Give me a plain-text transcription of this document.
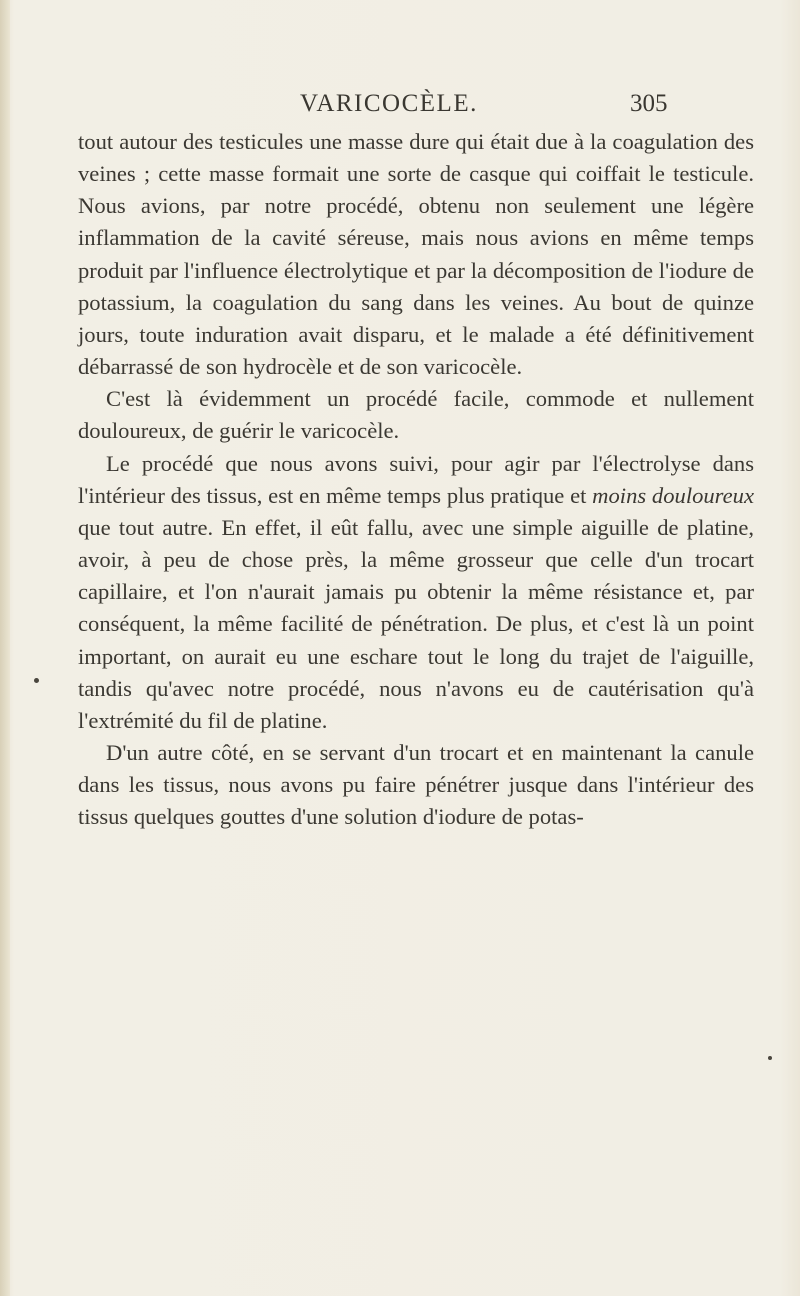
VARICOCÈLE.	305

tout autour des testicules une masse dure qui était due à la coagulation des veines ; cette masse formait une sorte de casque qui coiffait le testicule. Nous avions, par notre procédé, obtenu non seulement une légère inflammation de la cavité séreuse, mais nous avions en même temps produit par l'influence électrolytique et par la décomposition de l'iodure de potassium, la coagulation du sang dans les veines. Au bout de quinze jours, toute induration avait disparu, et le malade a été définitivement débarrassé de son hydrocèle et de son varicocèle.

C'est là évidemment un procédé facile, commode et nullement douloureux, de guérir le varicocèle.

Le procédé que nous avons suivi, pour agir par l'électrolyse dans l'intérieur des tissus, est en même temps plus pratique et moins douloureux que tout autre. En effet, il eût fallu, avec une simple aiguille de platine, avoir, à peu de chose près, la même grosseur que celle d'un trocart capillaire, et l'on n'aurait jamais pu obtenir la même résistance et, par conséquent, la même facilité de pénétration. De plus, et c'est là un point important, on aurait eu une eschare tout le long du trajet de l'aiguille, tandis qu'avec notre procédé, nous n'avons eu de cautérisation qu'à l'extrémité du fil de platine.

D'un autre côté, en se servant d'un trocart et en maintenant la canule dans les tissus, nous avons pu faire pénétrer jusque dans l'intérieur des tissus quelques gouttes d'une solution d'iodure de potas-
